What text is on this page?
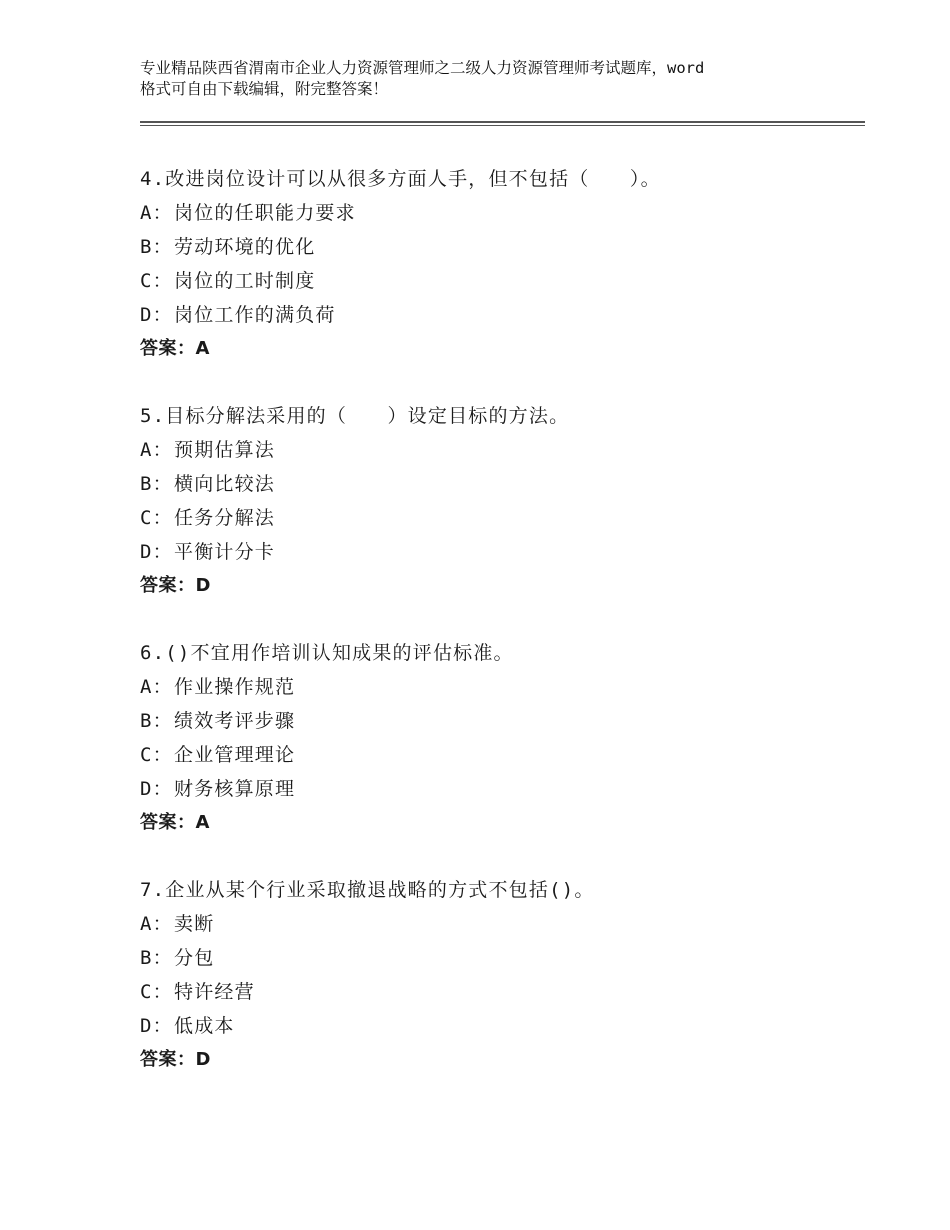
专业精品陕西省渭南市企业人力资源管理师之二级人力资源管理师考试题库，word
格式可自由下载编辑，附完整答案！
4.改进岗位设计可以从很多方面人手，但不包括（　　）。
A：岗位的任职能力要求
B：劳动环境的优化
C：岗位的工时制度
D：岗位工作的满负荷
答案：A
5.目标分解法采用的（　　）设定目标的方法。
A：预期估算法
B：横向比较法
C：任务分解法
D：平衡计分卡
答案：D
6.()不宜用作培训认知成果的评估标准。
A：作业操作规范
B：绩效考评步骤
C：企业管理理论
D：财务核算原理
答案：A
7.企业从某个行业采取撤退战略的方式不包括()。
A：卖断
B：分包
C：特许经营
D：低成本
答案：D
